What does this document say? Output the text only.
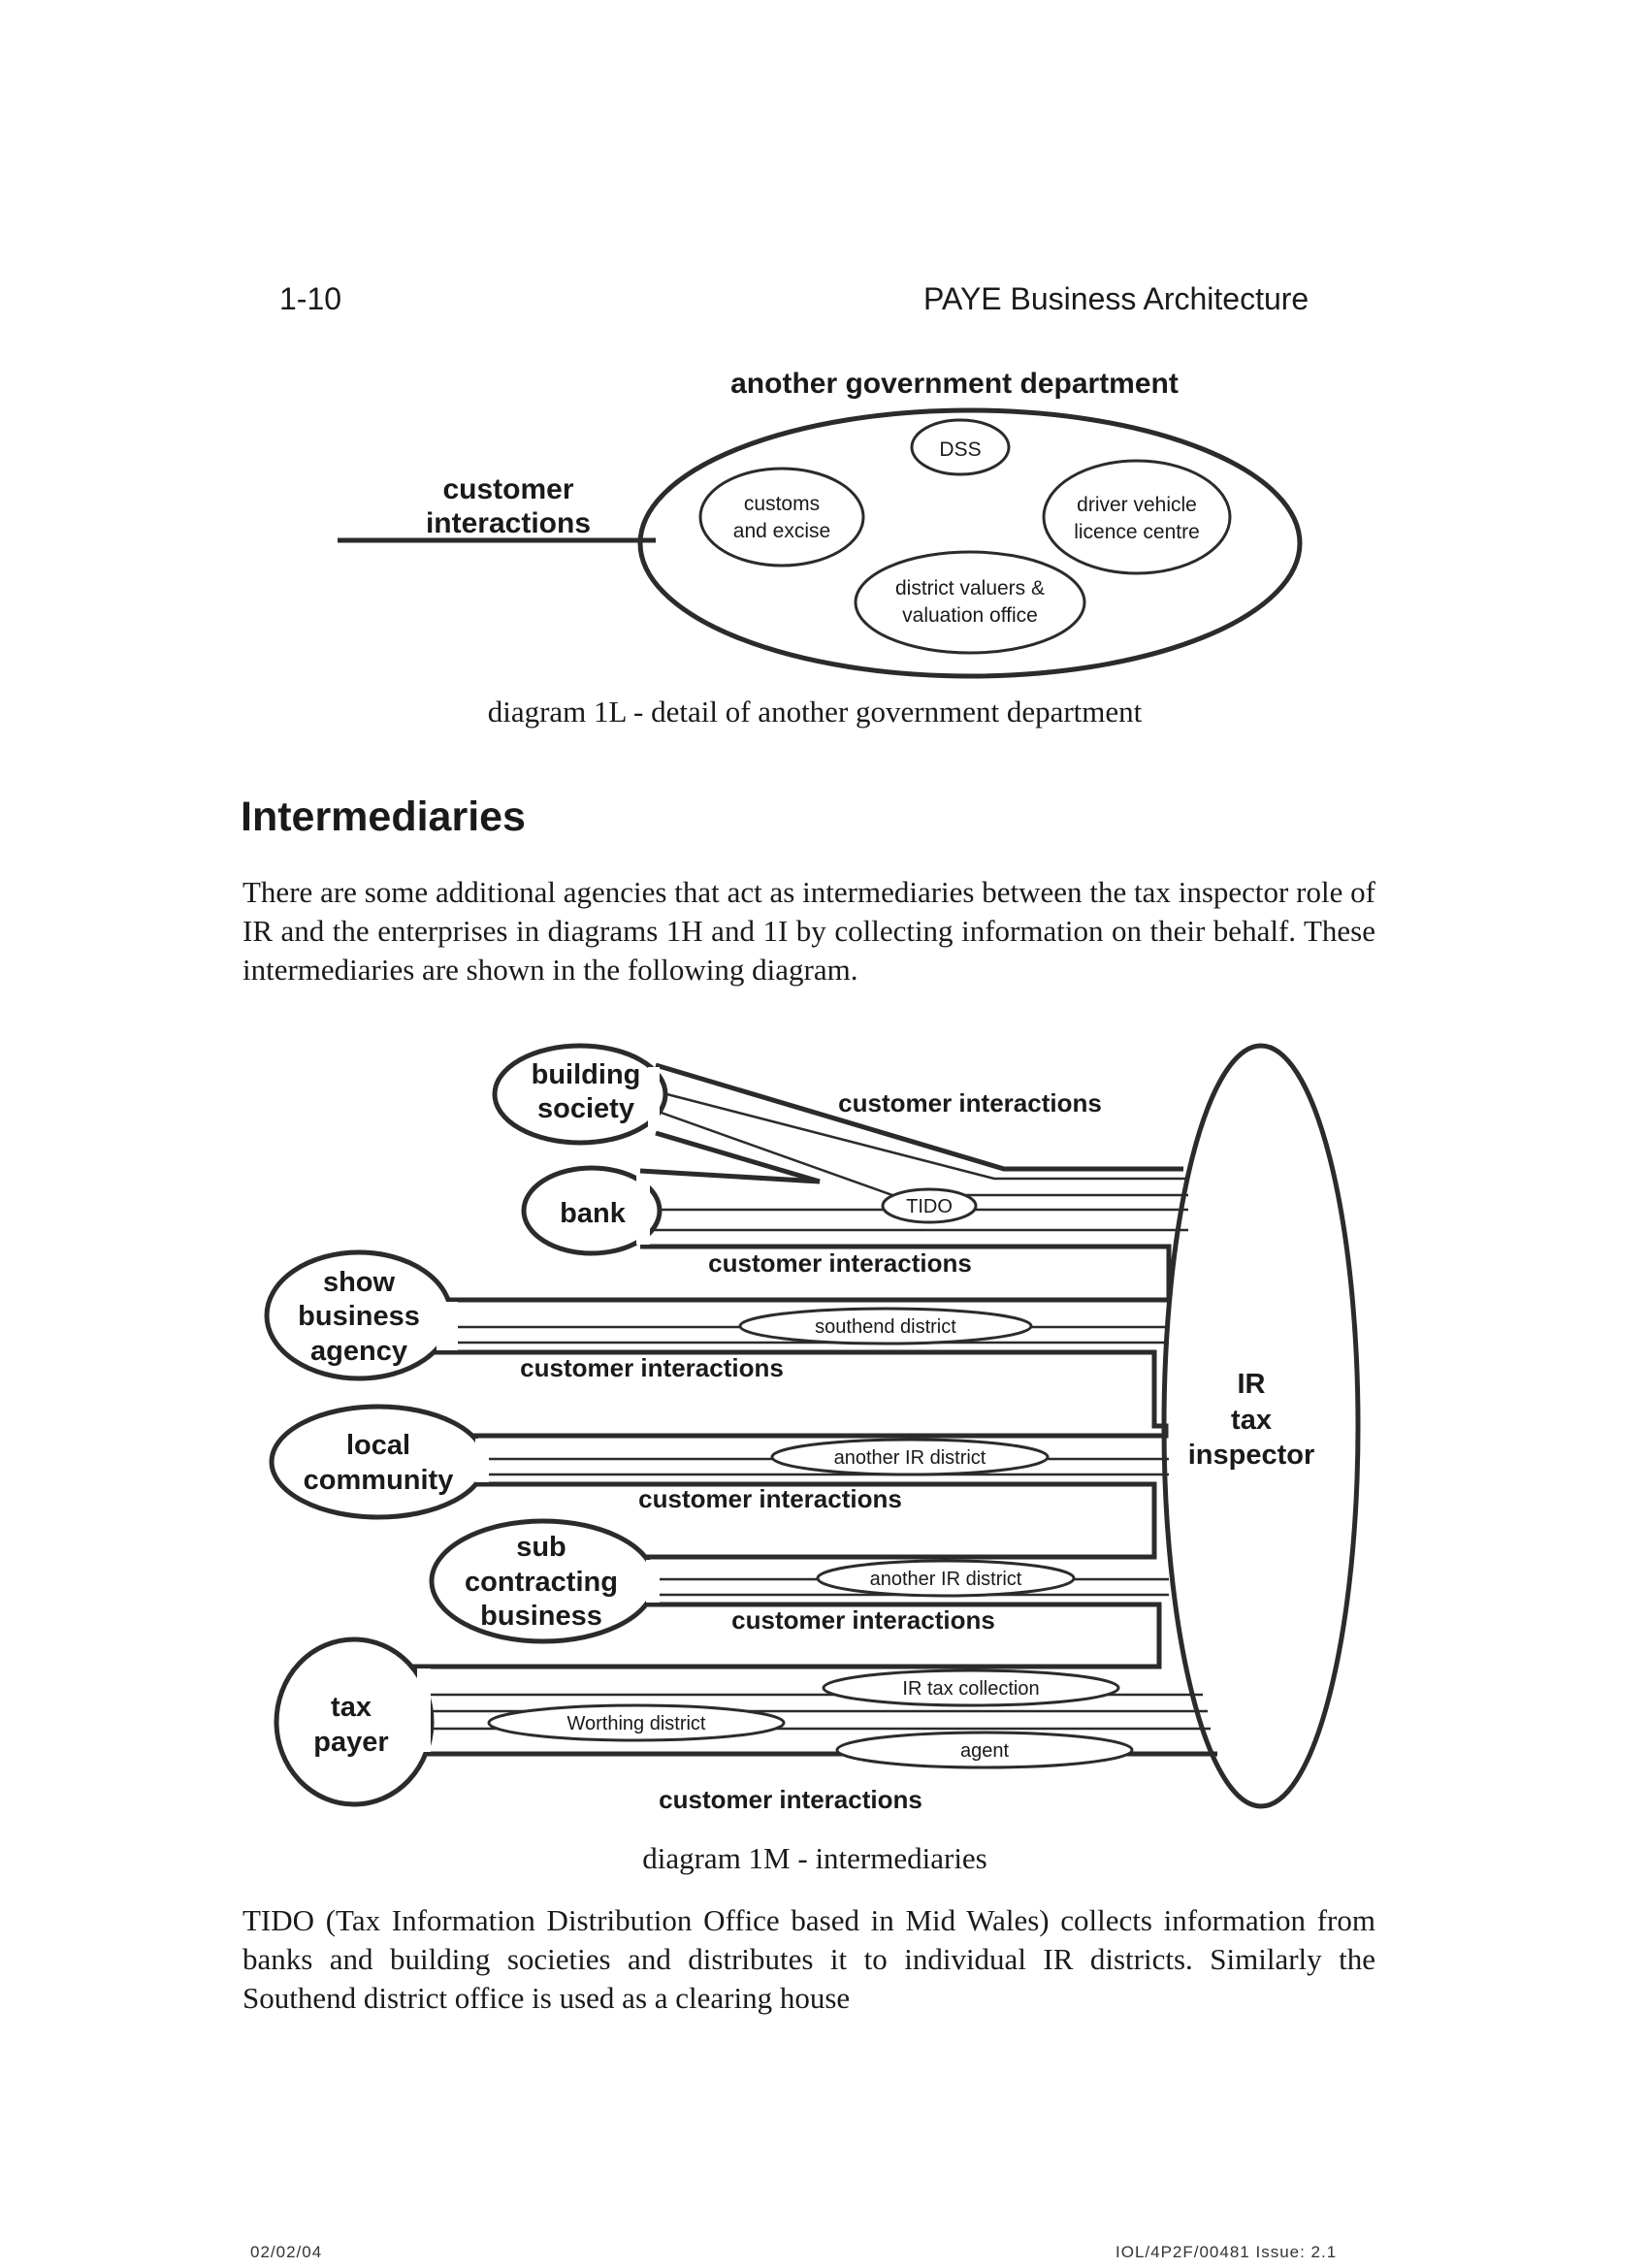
1-10	PAYE Business Architecture
another government department
customer
interactions
DSS
customs
and excise
driver vehicle
licence centre
district valuers &
valuation office
diagram 1L - detail of another government department
Intermediaries
There are some additional agencies that act as intermediaries between the tax inspector role of IR and the enterprises in diagrams 1H and 1I by collecting information on their behalf. These intermediaries are shown in the following diagram.
building
society
bank
show
business
agency
local
community
sub
contracting
business
tax
payer
IR
tax
inspector
customer interactions
customer interactions
customer interactions
customer interactions
customer interactions
customer interactions
TIDO
southend district
another IR district
another IR district
IR tax collection
Worthing district
agent
diagram 1M - intermediaries
TIDO (Tax Information Distribution Office based in Mid Wales) collects information from banks and building societies and distributes it to individual IR districts. Similarly the Southend district office is used as a clearing house
02/02/04	IOL/4P2F/00481 Issue: 2.1
